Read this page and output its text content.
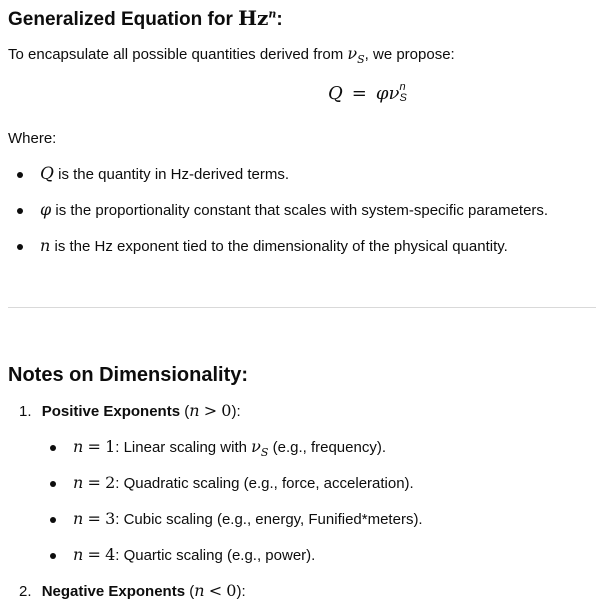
Generalized Equation for Hz$^n$:
To encapsulate all possible quantities derived from $\nu_S$, we propose:
Q = φν n
S
Where:
Q is the quantity in Hz-derived terms.
φ is the proportionality constant that scales with system-specific parameters.
n is the Hz exponent tied to the dimensionality of the physical quantity.
Notes on Dimensionality:
1. Positive Exponents (n > 0):
n = 1: Linear scaling with $\nu_S$ (e.g., frequency).
n = 2: Quadratic scaling (e.g., force, acceleration).
n = 3: Cubic scaling (e.g., energy, Funified*meters).
n = 4: Quartic scaling (e.g., power).
2. Negative Exponents (n < 0):
